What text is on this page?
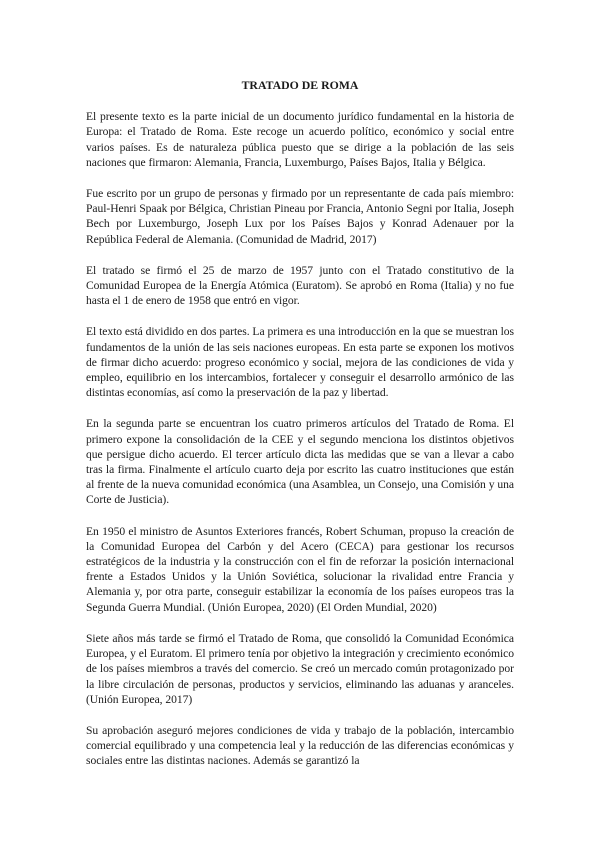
TRATADO DE ROMA

El presente texto es la parte inicial de un documento jurídico fundamental en la historia de Europa: el Tratado de Roma. Este recoge un acuerdo político, económico y social entre varios países. Es de naturaleza pública puesto que se dirige a la población de las seis naciones que firmaron: Alemania, Francia, Luxemburgo, Países Bajos, Italia y Bélgica.

Fue escrito por un grupo de personas y firmado por un representante de cada país miembro: Paul-Henri Spaak por Bélgica, Christian Pineau por Francia, Antonio Segni por Italia, Joseph Bech por Luxemburgo, Joseph Lux por los Países Bajos y Konrad Adenauer por la República Federal de Alemania. (Comunidad de Madrid, 2017)

El tratado se firmó el 25 de marzo de 1957 junto con el Tratado constitutivo de la Comunidad Europea de la Energía Atómica (Euratom). Se aprobó en Roma (Italia) y no fue hasta el 1 de enero de 1958 que entró en vigor.

El texto está dividido en dos partes. La primera es una introducción en la que se muestran los fundamentos de la unión de las seis naciones europeas. En esta parte se exponen los motivos de firmar dicho acuerdo: progreso económico y social, mejora de las condiciones de vida y empleo, equilibrio en los intercambios, fortalecer y conseguir el desarrollo armónico de las distintas economías, así como la preservación de la paz y libertad.

En la segunda parte se encuentran los cuatro primeros artículos del Tratado de Roma. El primero expone la consolidación de la CEE y el segundo menciona los distintos objetivos que persigue dicho acuerdo. El tercer artículo dicta las medidas que se van a llevar a cabo tras la firma. Finalmente el artículo cuarto deja por escrito las cuatro instituciones que están al frente de la nueva comunidad económica (una Asamblea, un Consejo, una Comisión y una Corte de Justicia).

En 1950 el ministro de Asuntos Exteriores francés, Robert Schuman, propuso la creación de la Comunidad Europea del Carbón y del Acero (CECA) para gestionar los recursos estratégicos de la industria y la construcción con el fin de reforzar la posición internacional frente a Estados Unidos y la Unión Soviética, solucionar la rivalidad entre Francia y Alemania y, por otra parte, conseguir estabilizar la economía de los países europeos tras la Segunda Guerra Mundial. (Unión Europea, 2020) (El Orden Mundial, 2020)

Siete años más tarde se firmó el Tratado de Roma, que consolidó la Comunidad Económica Europea, y el Euratom. El primero tenía por objetivo la integración y crecimiento económico de los países miembros a través del comercio. Se creó un mercado común protagonizado por la libre circulación de personas, productos y servicios, eliminando las aduanas y aranceles. (Unión Europea, 2017)

Su aprobación aseguró mejores condiciones de vida y trabajo de la población, intercambio comercial equilibrado y una competencia leal y la reducción de las diferencias económicas y sociales entre las distintas naciones. Además se garantizó la
